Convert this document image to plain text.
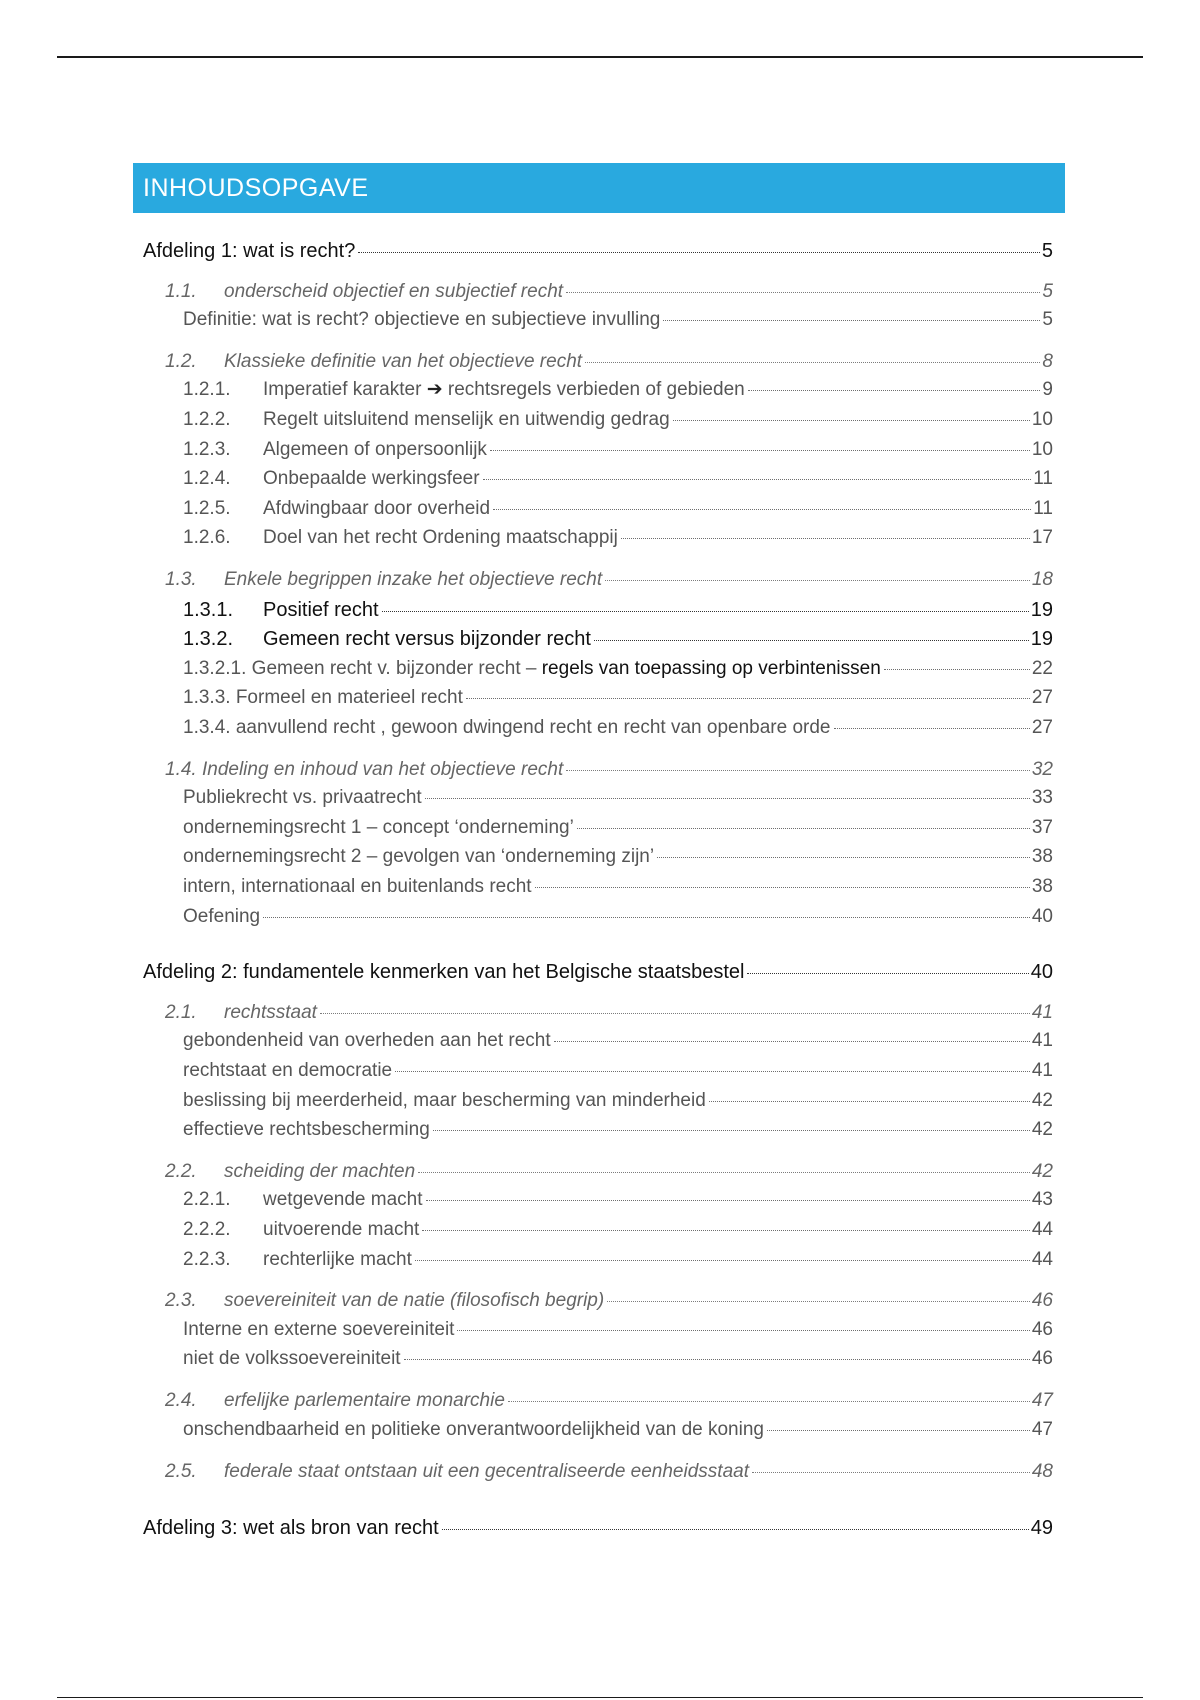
INHOUDSOPGAVE
Afdeling 1: wat is recht?	5
1.1.	onderscheid objectief en subjectief recht	5
Definitie: wat is recht? objectieve en subjectieve invulling	5
1.2.	Klassieke definitie van het objectieve recht	8
1.2.1.	Imperatief karakter ➔ rechtsregels verbieden of gebieden	9
1.2.2.	Regelt uitsluitend menselijk en uitwendig gedrag	10
1.2.3.	Algemeen of onpersoonlijk	10
1.2.4.	Onbepaalde werkingsfeer	11
1.2.5.	Afdwingbaar door overheid	11
1.2.6.	Doel van het recht Ordening maatschappij	17
1.3.	Enkele begrippen inzake het objectieve recht	18
1.3.1.	Positief recht	19
1.3.2.	Gemeen recht versus bijzonder recht	19
1.3.2.1. Gemeen recht v. bijzonder recht – regels van toepassing op verbintenissen	22
1.3.3. Formeel en materieel recht	27
1.3.4. aanvullend recht , gewoon dwingend recht en recht van openbare orde	27
1.4. Indeling en inhoud van het objectieve recht	32
Publiekrecht vs. privaatrecht	33
ondernemingsrecht 1 – concept ‘onderneming’	37
ondernemingsrecht 2 – gevolgen van ‘onderneming zijn’	38
intern, internationaal en buitenlands recht	38
Oefening	40
Afdeling 2: fundamentele kenmerken van het Belgische staatsbestel	40
2.1.	rechtsstaat	41
gebondenheid van overheden aan het recht	41
rechtstaat en democratie	41
beslissing bij meerderheid, maar bescherming van minderheid	42
effectieve rechtsbescherming	42
2.2.	scheiding der machten	42
2.2.1.	wetgevende macht	43
2.2.2.	uitvoerende macht	44
2.2.3.	rechterlijke macht	44
2.3.	soevereiniteit van de natie (filosofisch begrip)	46
Interne en externe soevereiniteit	46
niet de volkssoevereiniteit	46
2.4.	erfelijke parlementaire monarchie	47
onschendbaarheid en politieke onverantwoordelijkheid van de koning	47
2.5.	federale staat ontstaan uit een gecentraliseerde eenheidsstaat	48
Afdeling 3: wet als bron van recht	49
